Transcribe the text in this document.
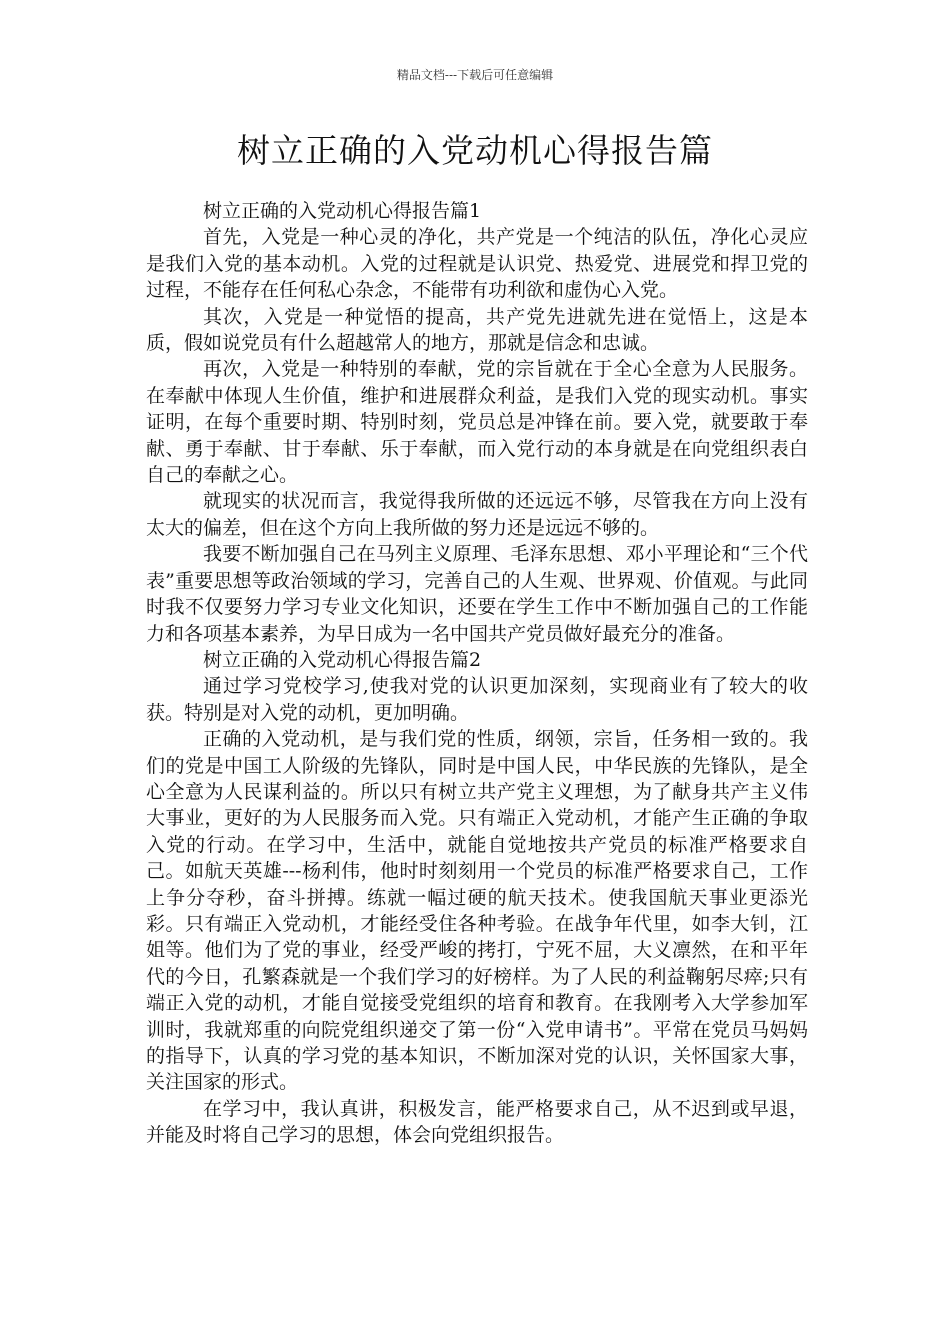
精品文档---下载后可任意编辑
树立正确的入党动机心得报告篇

树立正确的入党动机心得报告篇1

首先，入党是一种心灵的净化，共产党是一个纯洁的队伍，净化心灵应是我们入党的基本动机。入党的过程就是认识党、热爱党、进展党和捍卫党的过程，不能存在任何私心杂念，不能带有功利欲和虚伪心入党。

其次，入党是一种觉悟的提高，共产党先进就先进在觉悟上，这是本质，假如说党员有什么超越常人的地方，那就是信念和忠诚。

再次，入党是一种特别的奉献，党的宗旨就在于全心全意为人民服务。在奉献中体现人生价值，维护和进展群众利益，是我们入党的现实动机。事实证明，在每个重要时期、特别时刻，党员总是冲锋在前。要入党，就要敢于奉献、勇于奉献、甘于奉献、乐于奉献，而入党行动的本身就是在向党组织表白自己的奉献之心。

就现实的状况而言，我觉得我所做的还远远不够，尽管我在方向上没有太大的偏差，但在这个方向上我所做的努力还是远远不够的。

我要不断加强自己在马列主义原理、毛泽东思想、邓小平理论和“三个代表”重要思想等政治领域的学习，完善自己的人生观、世界观、价值观。与此同时我不仅要努力学习专业文化知识，还要在学生工作中不断加强自己的工作能力和各项基本素养，为早日成为一名中国共产党员做好最充分的准备。

树立正确的入党动机心得报告篇2

通过学习党校学习,使我对党的认识更加深刻，实现商业有了较大的收获。特别是对入党的动机，更加明确。

正确的入党动机，是与我们党的性质，纲领，宗旨，任务相一致的。我们的党是中国工人阶级的先锋队，同时是中国人民，中华民族的先锋队，是全心全意为人民谋利益的。所以只有树立共产党主义理想，为了献身共产主义伟大事业，更好的为人民服务而入党。只有端正入党动机，才能产生正确的争取入党的行动。在学习中，生活中，就能自觉地按共产党员的标准严格要求自己。如航天英雄---杨利伟，他时时刻刻用一个党员的标准严格要求自己，工作上争分夺秒，奋斗拼搏。练就一幅过硬的航天技术。使我国航天事业更添光彩。只有端正入党动机，才能经受住各种考验。在战争年代里，如李大钊，江姐等。他们为了党的事业，经受严峻的拷打，宁死不屈，大义凛然，在和平年代的今日，孔繁森就是一个我们学习的好榜样。为了人民的利益鞠躬尽瘁;只有端正入党的动机，才能自觉接受党组织的培育和教育。在我刚考入大学参加军训时，我就郑重的向院党组织递交了第一份“入党申请书”。平常在党员马妈妈的指导下，认真的学习党的基本知识，不断加深对党的认识，关怀国家大事，关注国家的形式。

在学习中，我认真讲，积极发言，能严格要求自己，从不迟到或早退，并能及时将自己学习的思想，体会向党组织报告。
